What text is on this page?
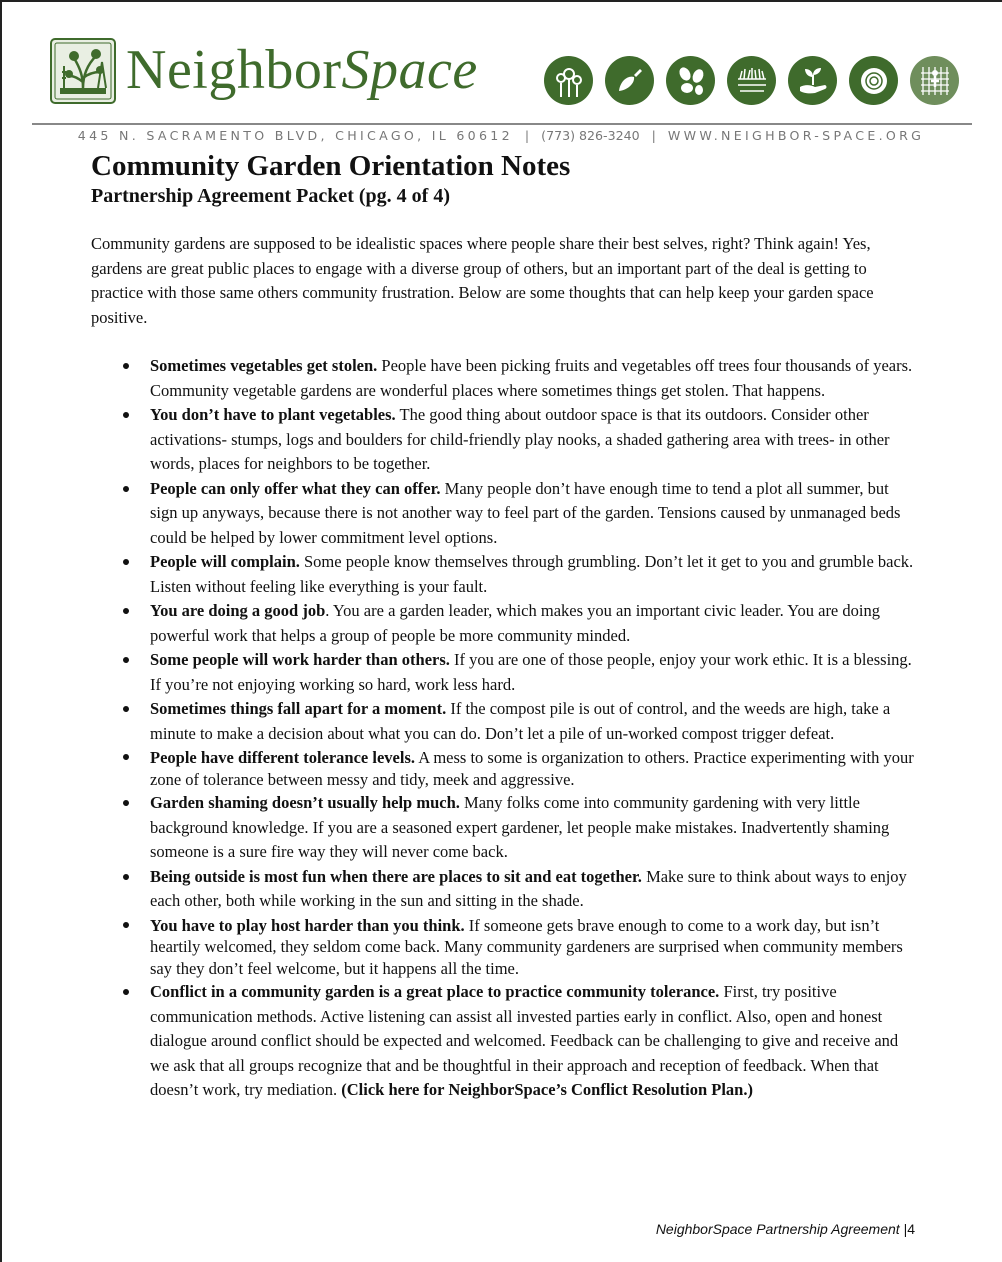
NeighborSpace
445 N. SACRAMENTO BLVD, CHICAGO, IL 60612 | (773) 826-3240 | WWW.NEIGHBOR-SPACE.ORG
Community Garden Orientation Notes
Partnership Agreement Packet (pg. 4 of 4)

Community gardens are supposed to be idealistic spaces where people share their best selves, right? Think again! Yes, gardens are great public places to engage with a diverse group of others, but an important part of the deal is getting to practice with those same others community frustration. Below are some thoughts that can help keep your garden space positive.

Sometimes vegetables get stolen. People have been picking fruits and vegetables off trees four thousands of years. Community vegetable gardens are wonderful places where sometimes things get stolen. That happens.
You don’t have to plant vegetables. The good thing about outdoor space is that its outdoors. Consider other activations- stumps, logs and boulders for child-friendly play nooks, a shaded gathering area with trees- in other words, places for neighbors to be together.
People can only offer what they can offer. Many people don’t have enough time to tend a plot all summer, but sign up anyways, because there is not another way to feel part of the garden. Tensions caused by unmanaged beds could be helped by lower commitment level options.
People will complain. Some people know themselves through grumbling. Don’t let it get to you and grumble back. Listen without feeling like everything is your fault.
You are doing a good job. You are a garden leader, which makes you an important civic leader. You are doing powerful work that helps a group of people be more community minded.
Some people will work harder than others. If you are one of those people, enjoy your work ethic. It is a blessing. If you’re not enjoying working so hard, work less hard.
Sometimes things fall apart for a moment. If the compost pile is out of control, and the weeds are high, take a minute to make a decision about what you can do. Don’t let a pile of un-worked compost trigger defeat.
People have different tolerance levels. A mess to some is organization to others. Practice experimenting with your zone of tolerance between messy and tidy, meek and aggressive.
Garden shaming doesn’t usually help much. Many folks come into community gardening with very little background knowledge. If you are a seasoned expert gardener, let people make mistakes. Inadvertently shaming someone is a sure fire way they will never come back.
Being outside is most fun when there are places to sit and eat together. Make sure to think about ways to enjoy each other, both while working in the sun and sitting in the shade.
You have to play host harder than you think. If someone gets brave enough to come to a work day, but isn’t heartily welcomed, they seldom come back. Many community gardeners are surprised when community members say they don’t feel welcome, but it happens all the time.
Conflict in a community garden is a great place to practice community tolerance. First, try positive communication methods. Active listening can assist all invested parties early in conflict. Also, open and honest dialogue around conflict should be expected and welcomed. Feedback can be challenging to give and receive and we ask that all groups recognize that and be thoughtful in their approach and reception of feedback. When that doesn’t work, try mediation. (Click here for NeighborSpace’s Conflict Resolution Plan.)
NeighborSpace Partnership Agreement |4
